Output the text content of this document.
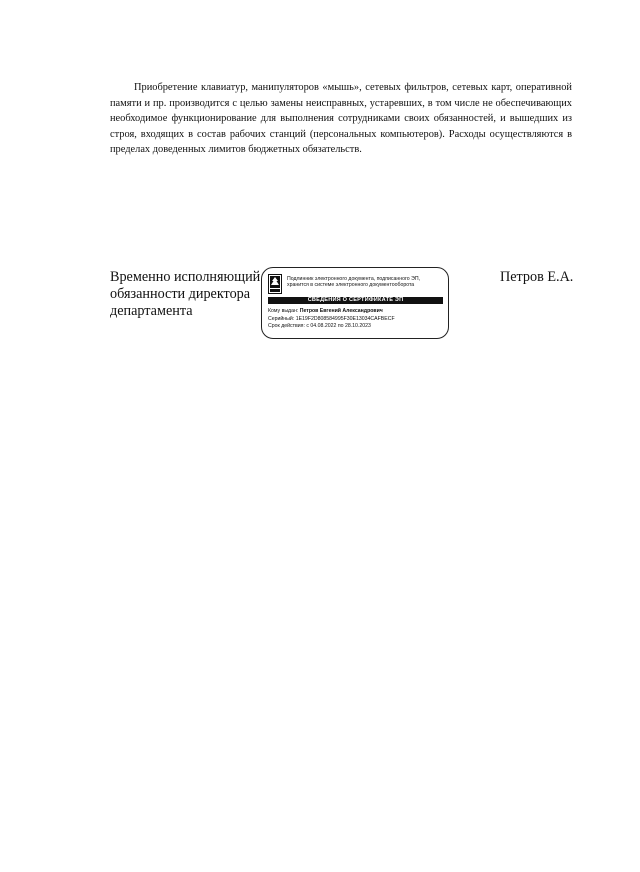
Приобретение клавиатур, манипуляторов «мышь», сетевых фильтров, сетевых карт, оперативной памяти и пр. производится с целью замены неисправных, устаревших, в том числе не обеспечивающих необходимое функционирование для выполнения сотрудниками своих обязанностей, и вышедших из строя, входящих в состав рабочих станций (персональных компьютеров). Расходы осуществляются в пределах доведенных лимитов бюджетных обязательств.

Временно исполняющий
обязанности директора
департамента
Подлинник электронного документа, подписанного ЭП,
хранится в системе электронного документооборота
СВЕДЕНИЯ О СЕРТИФИКАТЕ ЭП
Кому выдан: Петров Евгений Александрович
Серийный: 1E19F2D808584995F30E13034CAFBECF
Срок действия: с 04.08.2022 по 28.10.2023
Петров Е.А.
